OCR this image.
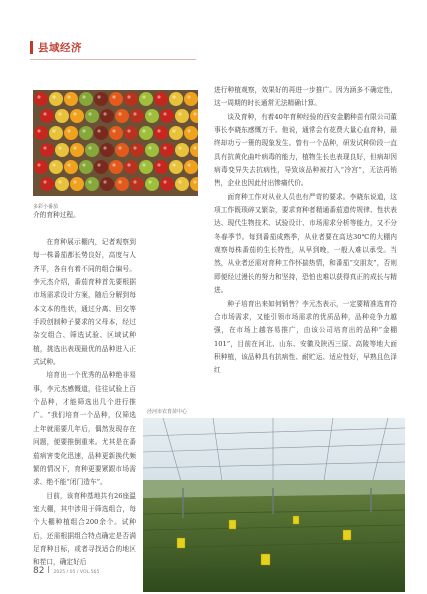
县域经济
多彩小番茄

介的育种过程。

在育种展示棚内，记者观察到每一株番茄都长势良好，高度与人齐平，各自有着不同的组合编号。李元杰介绍，番茄育种首先要根据市场需求设计方案，随后分解到每本文本的性状，通过分离、回交等手段创制种子要求的父母本，经过杂交组合、筛选试验、区域试种植，挑选出表现最优的品种进入正式试种。

培育出一个优秀的品种绝非易事，李元杰感慨道，往往试验上百个品种，才能筛选出几个进行推广。“我们培育一个品种，仅筛选上年就需要几年后，偶然发现存在问题，便要推倒重来。尤其是在番茄病害变化迅速，品种更新换代频繁的情况下，育种更要紧跟市场需求、绝不能“闭门造车”。

目前，该育种基地共有26座温室大棚，其中涉用于筛选组合，每个大棚种植组合200余个。试种后，还需根据组合特点确定是否满足育种目标，或者寻找适合的地区和茬口，确定好后

进行种植观察，效果好的再进一步推广。因为涵多不确定性，这一周期的时长通常无法精确计算。

谈及育种，有着40年育种经验的西安金鹏种苗有限公司董事长李晓东感慨万千。他说，通常会有花费大量心血育种，最终却功亏一篑的现象发生。曾有一个品种，研发试种阶段一直具有抗黄化曲叶病毒的能力，植物生长也表现良好，但病却因病毒变异失去抗病性，导致该品种被打入“冷宫”，无法再销售，企业也因此付出惨痛代价。

面育种工作对从业人员也有严苛的要求。李晓东说道，这项工作既琐碎又繁杂，要求育种者精通番茄遗传规律、性状表达、现代生物技术、试验设计、市场需求分析等能力，又不分冬春季节。每到番茄成熟季，从业者要在高达30℃的大棚内观察每株番茄的生长特性，从早到晚，一般人难以承受。当然，从业者还需对育种工作怀揣热情，和番茄“交朋友”，否则即便经过漫长的努力和坚持，恐怕也难以获得真正的成长与精进。

种子培育出来如何销售？李元杰表示，一定要精准选育符合市场需求，又能引领市场需求的优质品种，品种竞争力越强，在市场上越容易推广，由该公司培育出的品种“金棚101”，目前在河北、山东、安徽及陕西三原、高陵等地大面积种植，该品种具有抗病性、耐贮运、适应性好，早熟且色泽红

泾河市农育苗中心
82 2025 / 05 / VOL.565
